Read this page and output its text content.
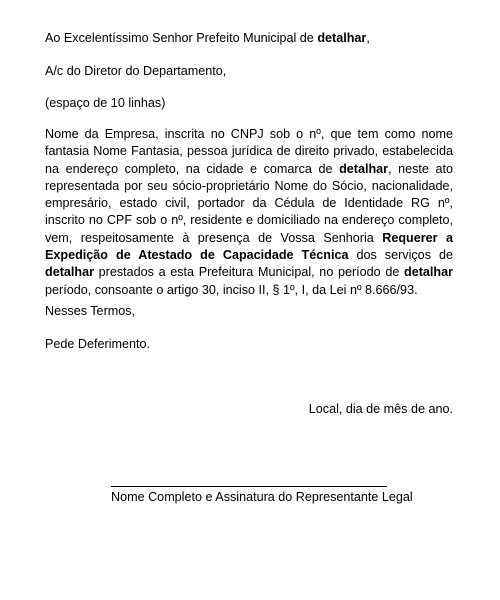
Ao Excelentíssimo Senhor Prefeito Municipal de detalhar,
A/c do Diretor do Departamento,
(espaço de 10 linhas)
Nome da Empresa, inscrita no CNPJ sob o nº, que tem como nome fantasia Nome Fantasia, pessoa jurídica de direito privado, estabelecida na endereço completo, na cidade e comarca de detalhar, neste ato representada por seu sócio-proprietário Nome do Sócio, nacionalidade, empresário, estado civil, portador da Cédula de Identidade RG nº, inscrito no CPF sob o nº, residente e domiciliado na endereço completo, vem, respeitosamente à presença de Vossa Senhoria Requerer a Expedição de Atestado de Capacidade Técnica dos serviços de detalhar prestados a esta Prefeitura Municipal, no período de detalhar período, consoante o artigo 30, inciso II, § 1º, I, da Lei nº 8.666/93.
Nesses Termos,
Pede Deferimento.
Local, dia de mês de ano.
Nome Completo e Assinatura do Representante Legal
